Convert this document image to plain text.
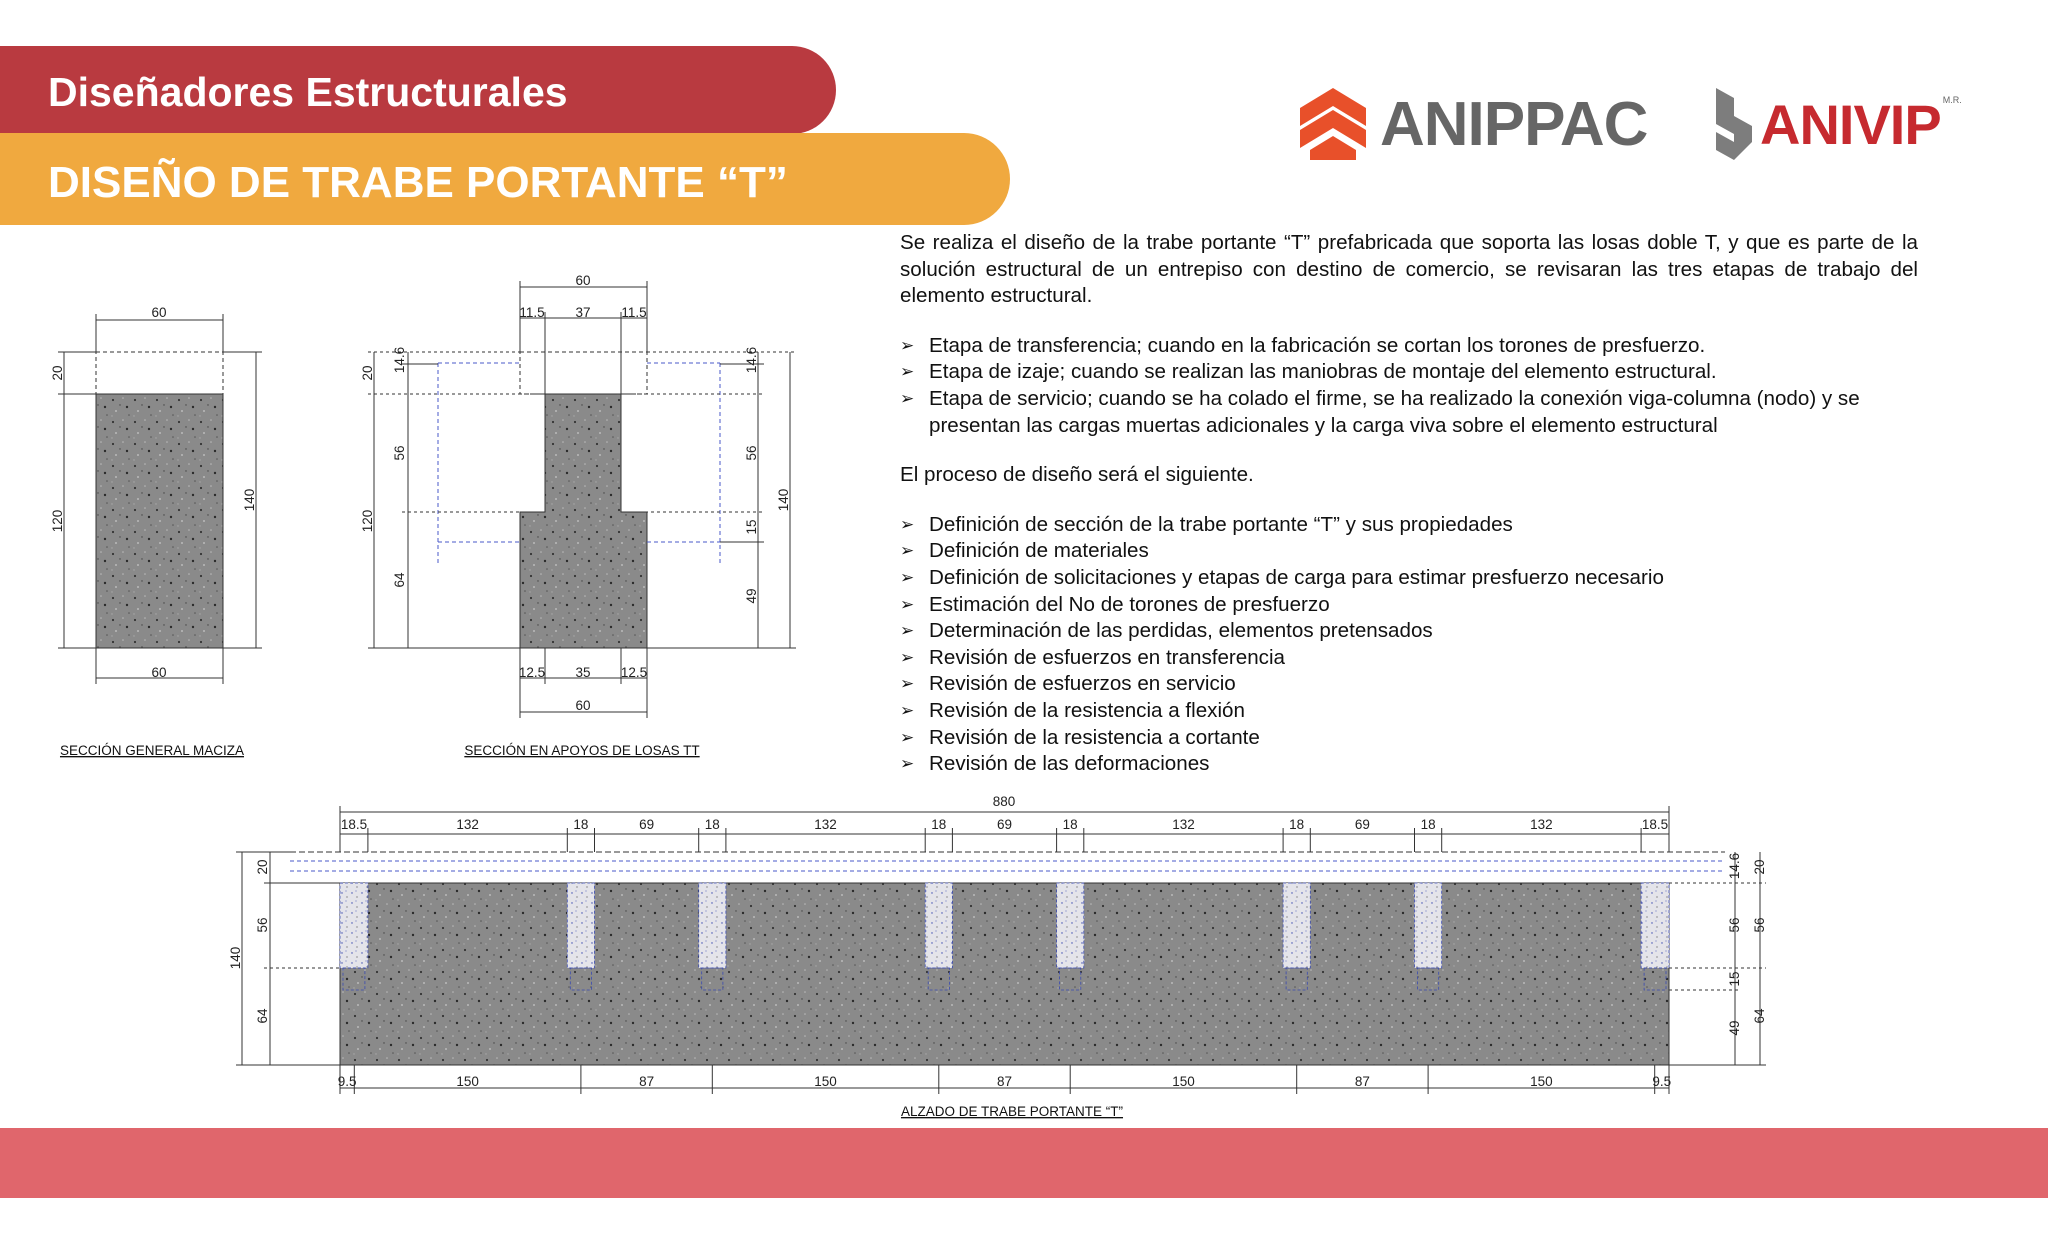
Diseñadores Estructurales
DISEÑO DE TRABE PORTANTE “T”
ANIPPAC ANIVIP M.R.

Se realiza el diseño de la trabe portante “T” prefabricada que soporta las losas doble T, y que es parte de la solución estructural de un entrepiso con destino de comercio, se revisaran las tres etapas de trabajo del elemento estructural.

➢ Etapa de transferencia; cuando en la fabricación se cortan los torones de presfuerzo.
➢ Etapa de izaje; cuando se realizan las maniobras de montaje del elemento estructural.
➢ Etapa de servicio; cuando se ha colado el firme, se ha realizado la conexión viga-columna (nodo) y se presentan las cargas muertas adicionales y la carga viva sobre el elemento estructural

El proceso de diseño será el siguiente.

➢ Definición de sección de la trabe portante “T” y sus propiedades
➢ Definición de materiales
➢ Definición de solicitaciones y etapas de carga para estimar presfuerzo necesario
➢ Estimación del No de torones de presfuerzo
➢ Determinación de las perdidas, elementos pretensados
➢ Revisión de esfuerzos en transferencia
➢ Revisión de esfuerzos en servicio
➢ Revisión de la resistencia a flexión
➢ Revisión de la resistencia a cortante
➢ Revisión de las deformaciones
60
60
20
120
140
SECCIÓN GENERAL MACIZA
60
11.5 37 11.5
12.5 35 12.5
60
20
120
14.6
56
64
14.6
56
15
49
140
SECCIÓN EN APOYOS DE LOSAS TT
880
18.5	132	18	69	18	132	18	69	18	132	18	69	18	132	18.5
9.5	150	87	150	87	150	87	150	9.5
140
20
56
64
14.6
56
15
49
20
56
64
ALZADO DE TRABE PORTANTE “T”
